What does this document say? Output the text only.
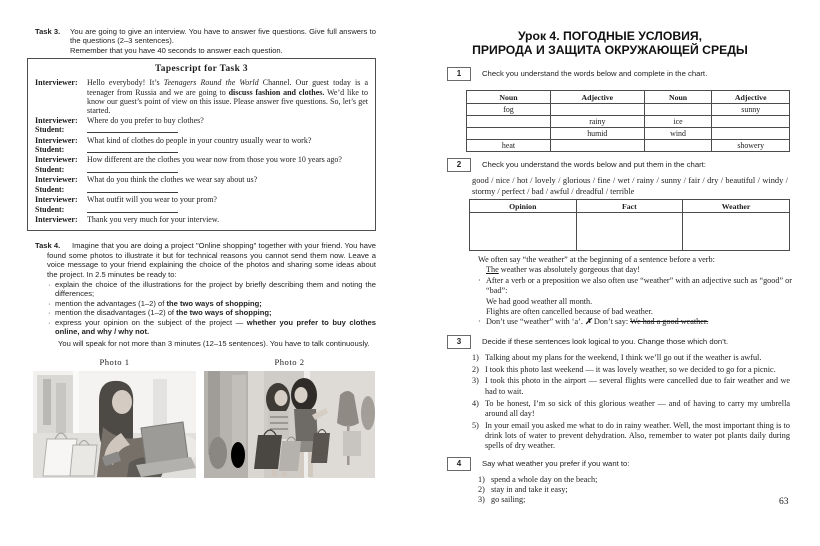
Task 3. You are going to give an interview. You have to answer five questions. Give full answers to the questions (2–3 sentences).
Remember that you have 40 seconds to answer each question.
Tapescript for Task 3
Interviewer: Hello everybody! It’s Teenagers Round the World Channel. Our guest today is a teenager from Russia and we are going to discuss fashion and clothes. We’d like to know our guest’s point of view on this issue. Please answer five questions. So, let’s get started.
Interviewer: Where do you prefer to buy clothes?
Student:
Interviewer: What kind of clothes do people in your country usually wear to work?
Student:
Interviewer: How different are the clothes you wear now from those you wore 10 years ago?
Student:
Interviewer: What do you think the clothes we wear say about us?
Student:
Interviewer: What outfit will you wear to your prom?
Student:
Interviewer: Thank you very much for your interview.
Task 4.	Imagine that you are doing a project "Online shopping" together with your friend. You have found some photos to illustrate it but for technical reasons you cannot send them now. Leave a voice message to your friend explaining the choice of the photos and sharing some ideas about the project. In 2.5 minutes be ready to:
· explain the choice of the illustrations for the project by briefly describing them and noting the differences;
· mention the advantages (1–2) of the two ways of shopping;
· mention the disadvantages (1–2) of the two ways of shopping;
· express your opinion on the subject of the project — whether you prefer to buy clothes online, and why / why not.
You will speak for not more than 3 minutes (12–15 sentences). You have to talk continuously.
Photo 1	Photo 2
Урок 4. ПОГОДНЫЕ УСЛОВИЯ,
ПРИРОДА И ЗАЩИТА ОКРУЖАЮЩЕЙ СРЕДЫ
1	Check you understand the words below and complete in the chart.
Noun	Adjective	Noun	Adjective
fog			sunny
	rainy	ice	
	humid	wind	
heat			showery
2	Check you understand the words below and put them in the chart:
good / nice / hot / lovely / glorious / fine / wet / rainy / sunny / fair / dry / beautiful / windy / stormy / perfect / bad / awful / dreadful / terrible
Opinion	Fact	Weather

We often say “the weather” at the beginning of a sentence before a verb:
The weather was absolutely gorgeous that day!
· After a verb or a preposition we also often use “weather” with an adjective such as “good” or “bad”:
We had good weather all month.
Flights are often cancelled because of bad weather.
· Don’t use “weather” with ‘a’. ✗ Don’t say: We had a good weather.
3	Decide if these sentences look logical to you. Change those which don’t.
1) Talking about my plans for the weekend, I think we’ll go out if the weather is awful.
2) I took this photo last weekend — it was lovely weather, so we decided to go for a picnic.
3) I took this photo in the airport — several flights were cancelled due to fair weather and we had to wait.
4) To be honest, I’m so sick of this glorious weather — and of having to carry my umbrella around all day!
5) In your email you asked me what to do in rainy weather. Well, the most important thing is to drink lots of water to prevent dehydration. Also, remember to water pot plants daily during spells of dry weather.
4	Say what weather you prefer if you want to:
1) spend a whole day on the beach;
2) stay in and take it easy;
3) go sailing;	63
